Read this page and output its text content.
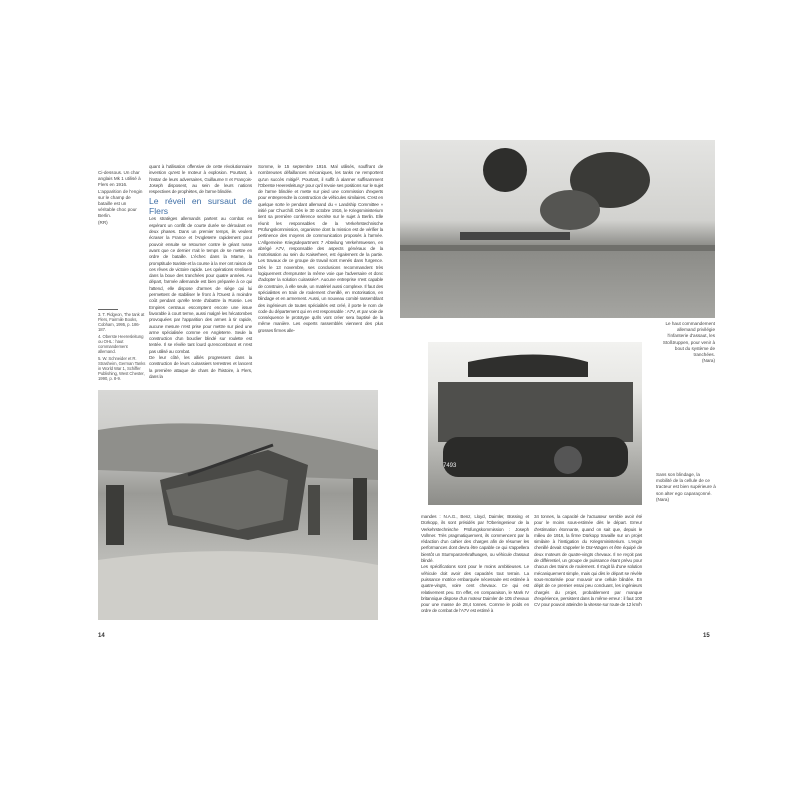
Ci-dessous. Un char anglais Mk 1 utilisé à Flers en 1916. L'apparition de l'engin sur le champ de bataille est un véritable choc pour Berlin.
(RR)
3. T. Pidgeon, The tank at Flers, Fairmile Books, Cobham, 1995, p. 186-187.
4. Oberste Heeresleitung ou OHL : haut commandement allemand.
5. W. Schneider et R. Strasheim, German Tanks in World War 1, Schiffer Publishing, West Chester, 1990, p. 8-9.

quant à l'utilisation offensive de cette révolutionnaire invention qu'est le moteur à explosion. Pourtant, à l'instar de leurs adversaires, Guillaume II et François-Joseph disposent, au sein de leurs nations respectives de prophètes, de l'arme blindée.

Le réveil en sursaut de Flers

Les stratèges allemands partent au combat en espérant un conflit de courte durée se déroulant en deux phases. Dans un premier temps, ils veulent écraser la France et l'Angleterre rapidement pour pouvoir ensuite se retourner contre le géant russe avant que ce dernier n'ait le temps de se mettre en ordre de bataille. L'échec dans la Marne, la promptitude tsariste et la course à la mer ont raison de ces rêves de victoire rapide. Les opérations s'enlisent dans la boue des tranchées pour quatre années. Au départ, l'armée allemande est bien préparée à ce qui l'attend, elle dispose d'armes de siège qui lui permettent de stabiliser le front à l'Ouest à moindre coût pendant qu'elle tente d'abattre la Russie. Les Empires centraux escomptent encore une issue favorable à court terme, aussi malgré les hécatombes provoquées par l'apparition des armes à tir rapide, aucune mesure n'est prise pour mettre sur pied une arme spécialisée comme en Angleterre. Seule la construction d'un bouclier blindé sur roulette est tentée. Il se révèle tant lourd qu'encombrant et n'est pas utilisé au combat.

De leur côté, les alliés progressent dans la construction de leurs cuirassiers terrestres et lancent la première attaque de chars de l'histoire, à Flers, dans la

Somme, le 15 septembre 1916. Mal utilisés, souffrant de nombreuses défaillances mécaniques, les tanks ne remportent qu'un succès mitigé³. Pourtant, il suffit à alarmer suffisamment l'Oberste Heeresleitung⁴ pour qu'il revoie ses positions sur le sujet de l'arme blindée et mette sur pied une commission d'experts pour entreprendre la construction de véhicules similaires. C'est en quelque sorte le pendant allemand du « Landship Committee » initié par Churchill. Dès le 30 octobre 1916, le Kriegsministerium tient sa première conférence secrète sur le sujet à Berlin. Elle réunit les responsables de la Verkehrstechnische Prüfungskommission, organisme dont la mission est de vérifier la pertinence des moyens de communication proposés à l'armée. L'Allgemeine Kriegsdepartment 7 Abteilung Verkehrswesen, en abrégé A7V, responsable des aspects généraux de la motorisation au sein du Kaiserheer, est également de la partie. Les travaux de ce groupe de travail sont menés dans l'urgence. Dès le 13 novembre, ses conclusions recommandent très logiquement d'emprunter la même voie que l'adversaire et donc d'adopter la solution cuirassée⁵. Aucune entreprise n'est capable de construire, à elle seule, un matériel aussi complexe. Il faut des spécialistes en train de roulement chenillé, en motorisation, en blindage et en armement. Aussi, un nouveau comité rassemblant des ingénieurs de toutes spécialités est créé, il porte le nom de code du département qui en est responsable : A7V, et par voie de conséquence le prototype qu'ils vont créer sera baptisé de la même manière. Les experts rassemblés viennent des plus grosses firmes alle-

14
Le haut commandement allemand privilégie l'infanterie d'assaut, les Stoßtruppen, pour venir à bout du système de tranchées.
(Nara)
7493
Sans son blindage, la mobilité de la cellule de ce tracteur est bien supérieure à son alter ego caparaçonné.
(Nara)

mandes : N.A.G., Benz, Lloyd, Daimler, Büssing et Dürkopp, ils sont présidés par l'Oberingenieur de la Verkehrstechnische Prüfungskommission : Joseph Vollmer. Très pragmatiquement, ils commencent par la rédaction d'un cahier des charges afin de résumer les performances dont devra être capable ce qui s'appellera bientôt un Sturmpanzerkraftwagen, ou véhicule d'assaut blindé.

Les spécifications sont pour le moins ambitieuses. Le véhicule doit avoir des capacités tout terrain. La puissance motrice embarquée nécessaire est estimée à quatre-vingts, voire cent chevaux. Ce qui est relativement peu. En effet, en comparaison, le Mark IV britannique dispose d'un moteur Daimler de 105 chevaux pour une masse de 28,4 tonnes. Comme le poids en ordre de combat de l'A7V est estimé à

34 tonnes, la capacité de l'actuateur semble avoir été pour le moins sous-estimée dès le départ. Erreur d'estimation étonnante, quand on sait que, depuis le milieu de 1916, la firme Dürkopp travaille sur un projet similaire à l'instigation du Kriegsministerium. L'engin chenillé devait s'appeler le Dür-Wagen et être équipé de deux moteurs de quatre-vingts chevaux. Il ne reçoit pas de différentiel, un groupe de puissance étant prévu pour chacun des trains de roulement. Il s'agit là d'une solution mécaniquement simple, mais qui dès le départ se révèle sous-motorisée pour mouvoir une cellule blindée. En dépit de ce premier essai peu concluant, les ingénieurs chargés du projet, probablement par manque d'expérience, persistent dans la même erreur : il faut 100 CV pour pouvoir atteindre la vitesse sur route de 12 km/h

15
